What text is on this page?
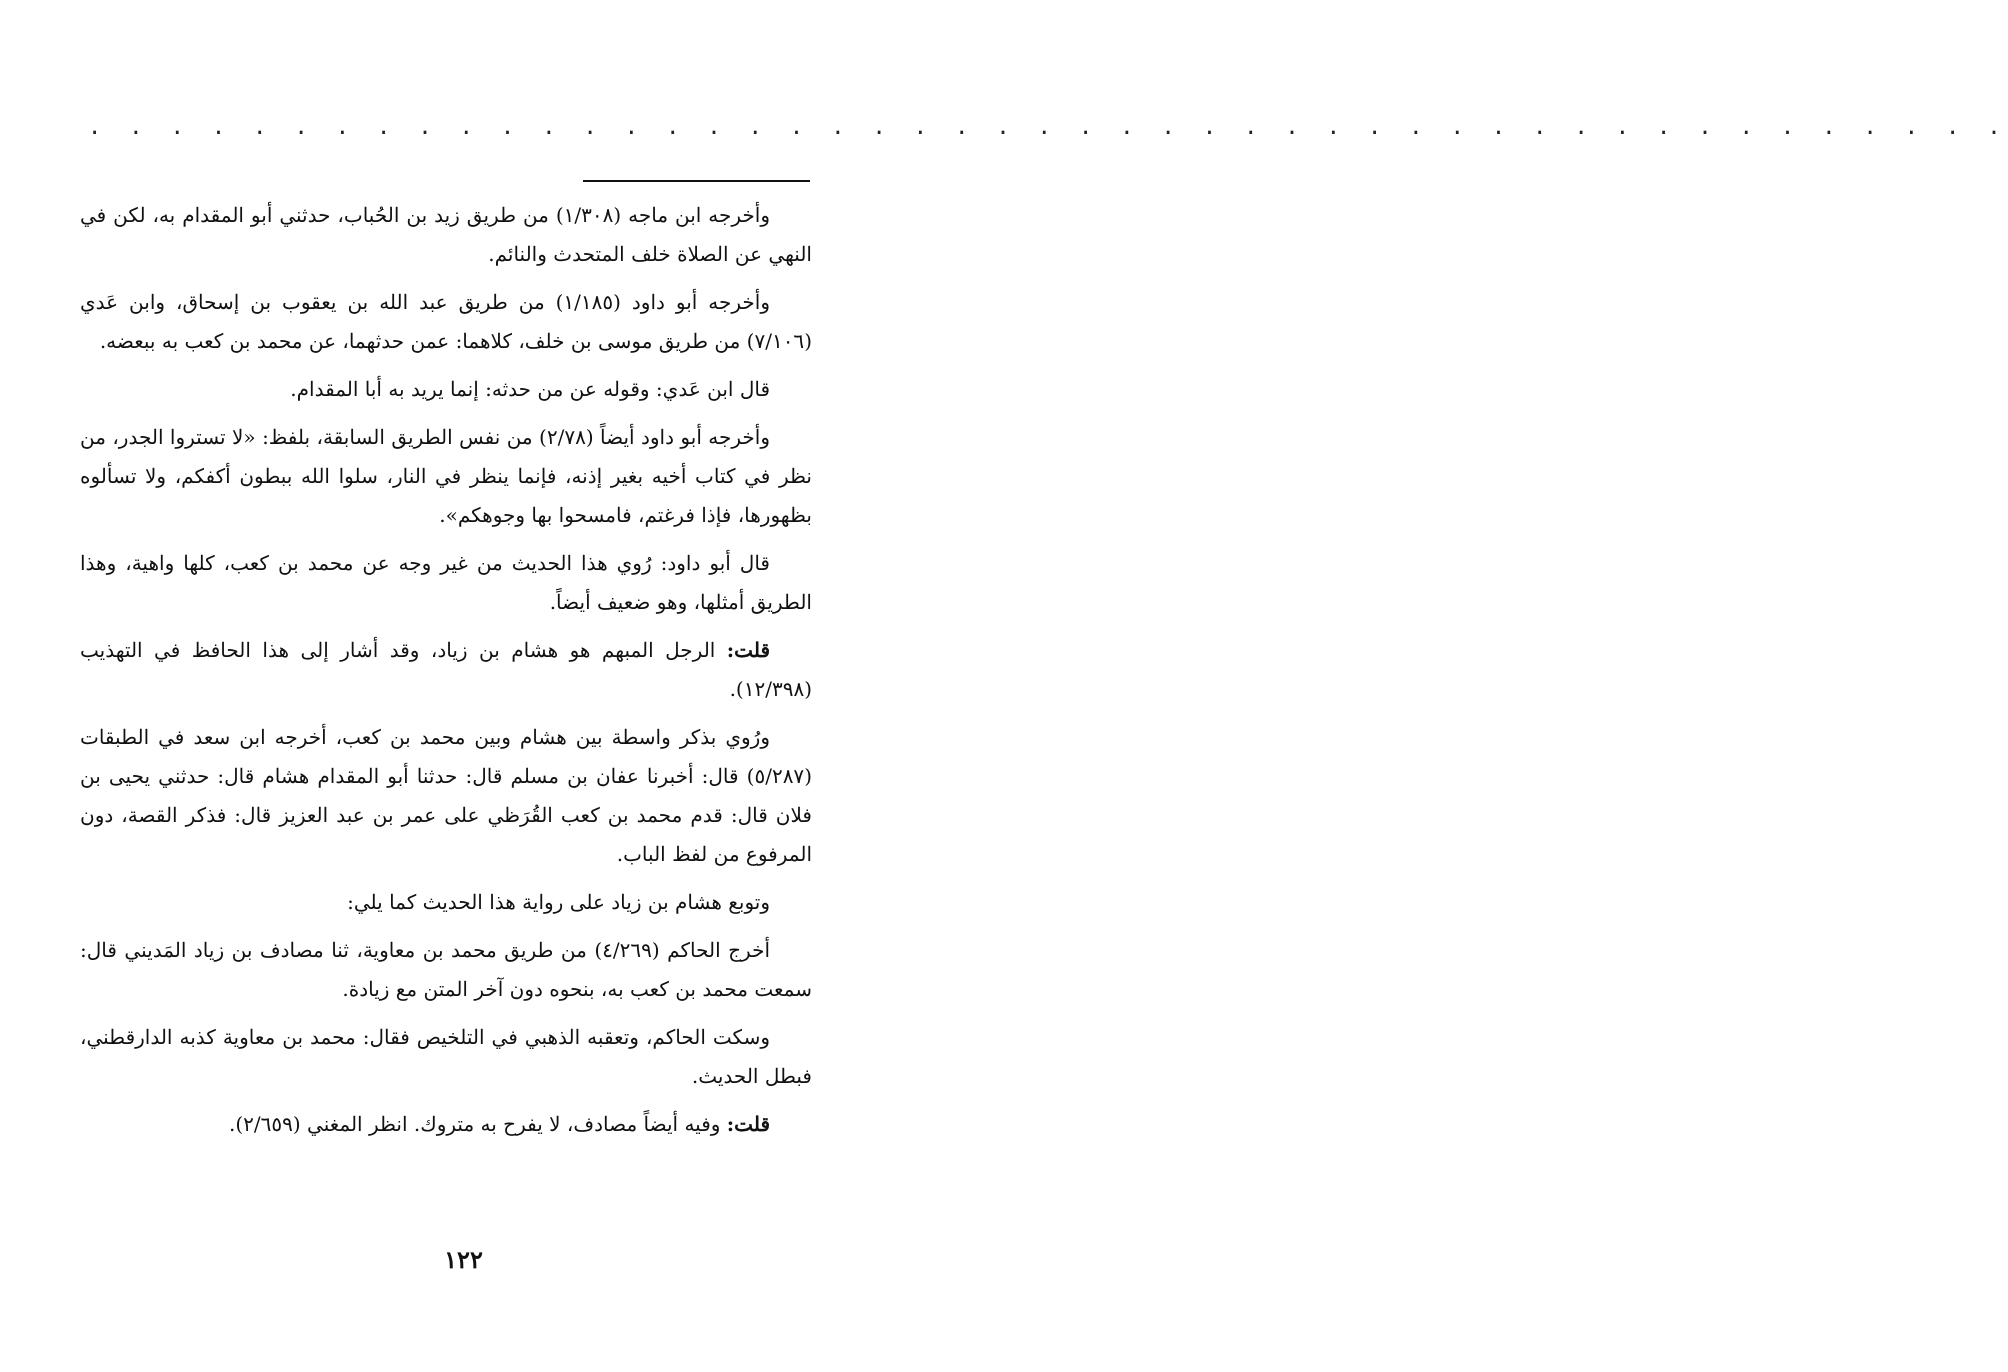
. . . . . . . . . . . . . . . . . . . . . . . . . . . . . . . . . . . . . . . . . . . . . . .

وأخرجه ابن ماجه (١/٣٠٨) من طريق زيد بن الحُباب، حدثني أبو المقدام به، لكن في النهي عن الصلاة خلف المتحدث والنائم.

وأخرجه أبو داود (١/١٨٥) من طريق عبد الله بن يعقوب بن إسحاق، وابن عَدي (٧/١٠٦) من طريق موسى بن خلف، كلاهما: عمن حدثهما، عن محمد بن كعب به ببعضه.

قال ابن عَدي: وقوله عن من حدثه: إنما يريد به أبا المقدام.

وأخرجه أبو داود أيضاً (٢/٧٨) من نفس الطريق السابقة، بلفظ: «لا تستروا الجدر، من نظر في كتاب أخيه بغير إذنه، فإنما ينظر في النار، سلوا الله ببطون أكفكم، ولا تسألوه بظهورها، فإذا فرغتم، فامسحوا بها وجوهكم».

قال أبو داود: رُوي هذا الحديث من غير وجه عن محمد بن كعب، كلها واهية، وهذا الطريق أمثلها، وهو ضعيف أيضاً.

قلت: الرجل المبهم هو هشام بن زياد، وقد أشار إلى هذا الحافظ في التهذيب (١٢/٣٩٨).

ورُوي بذكر واسطة بين هشام وبين محمد بن كعب، أخرجه ابن سعد في الطبقات (٥/٢٨٧) قال: أخبرنا عفان بن مسلم قال: حدثنا أبو المقدام هشام قال: حدثني يحيى بن فلان قال: قدم محمد بن كعب القُرَظي على عمر بن عبد العزيز قال: فذكر القصة، دون المرفوع من لفظ الباب.

وتوبع هشام بن زياد على رواية هذا الحديث كما يلي:

أخرج الحاكم (٤/٢٦٩) من طريق محمد بن معاوية، ثنا مصادف بن زياد المَديني قال: سمعت محمد بن كعب به، بنحوه دون آخر المتن مع زيادة.

وسكت الحاكم، وتعقبه الذهبي في التلخيص فقال: محمد بن معاوية كذبه الدارقطني، فبطل الحديث.

قلت: وفيه أيضاً مصادف، لا يفرح به متروك. انظر المغني (٢/٦٥٩).

١٢٢
